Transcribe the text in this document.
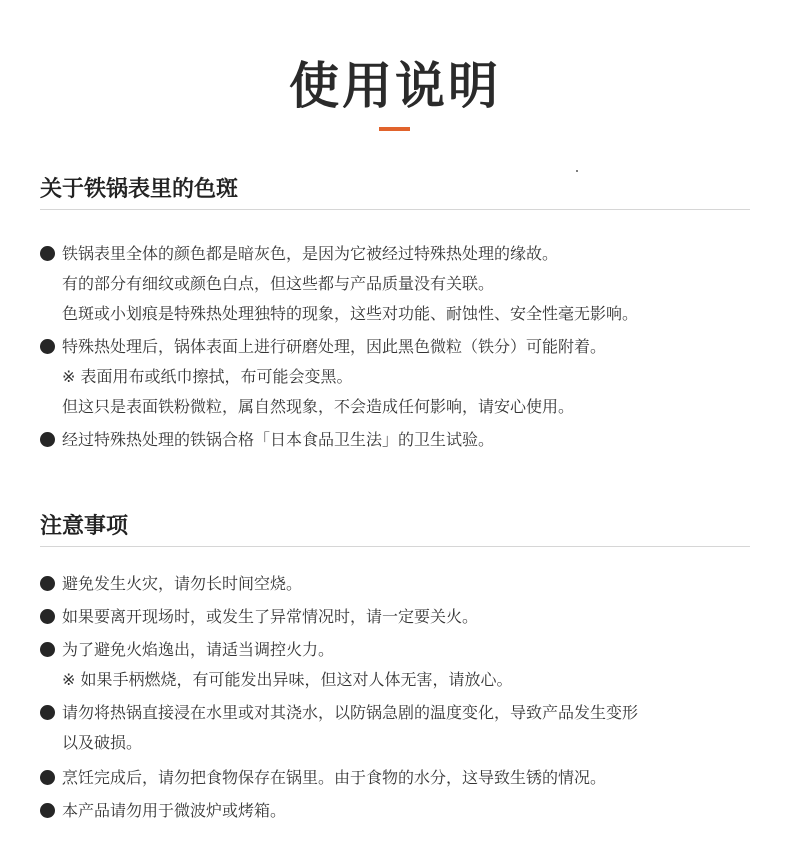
使用说明
关于铁锅表里的色斑
铁锅表里全体的颜色都是暗灰色，是因为它被经过特殊热处理的缘故。
有的部分有细纹或颜色白点，但这些都与产品质量没有关联。
色斑或小划痕是特殊热处理独特的现象，这些对功能、耐蚀性、安全性毫无影响。
特殊热处理后，锅体表面上进行研磨处理，因此黑色微粒（铁分）可能附着。
※ 表面用布或纸巾擦拭，布可能会变黑。
但这只是表面铁粉微粒，属自然现象，不会造成任何影响，请安心使用。
经过特殊热处理的铁锅合格「日本食品卫生法」的卫生试验。
注意事项
避免发生火灾，请勿长时间空烧。
如果要离开现场时，或发生了异常情况时，请一定要关火。
为了避免火焰逸出，请适当调控火力。
※ 如果手柄燃烧，有可能发出异味，但这对人体无害，请放心。
请勿将热锅直接浸在水里或对其浇水，以防锅急剧的温度变化，导致产品发生变形
以及破损。
烹饪完成后，请勿把食物保存在锅里。由于食物的水分，这导致生锈的情况。
本产品请勿用于微波炉或烤箱。
